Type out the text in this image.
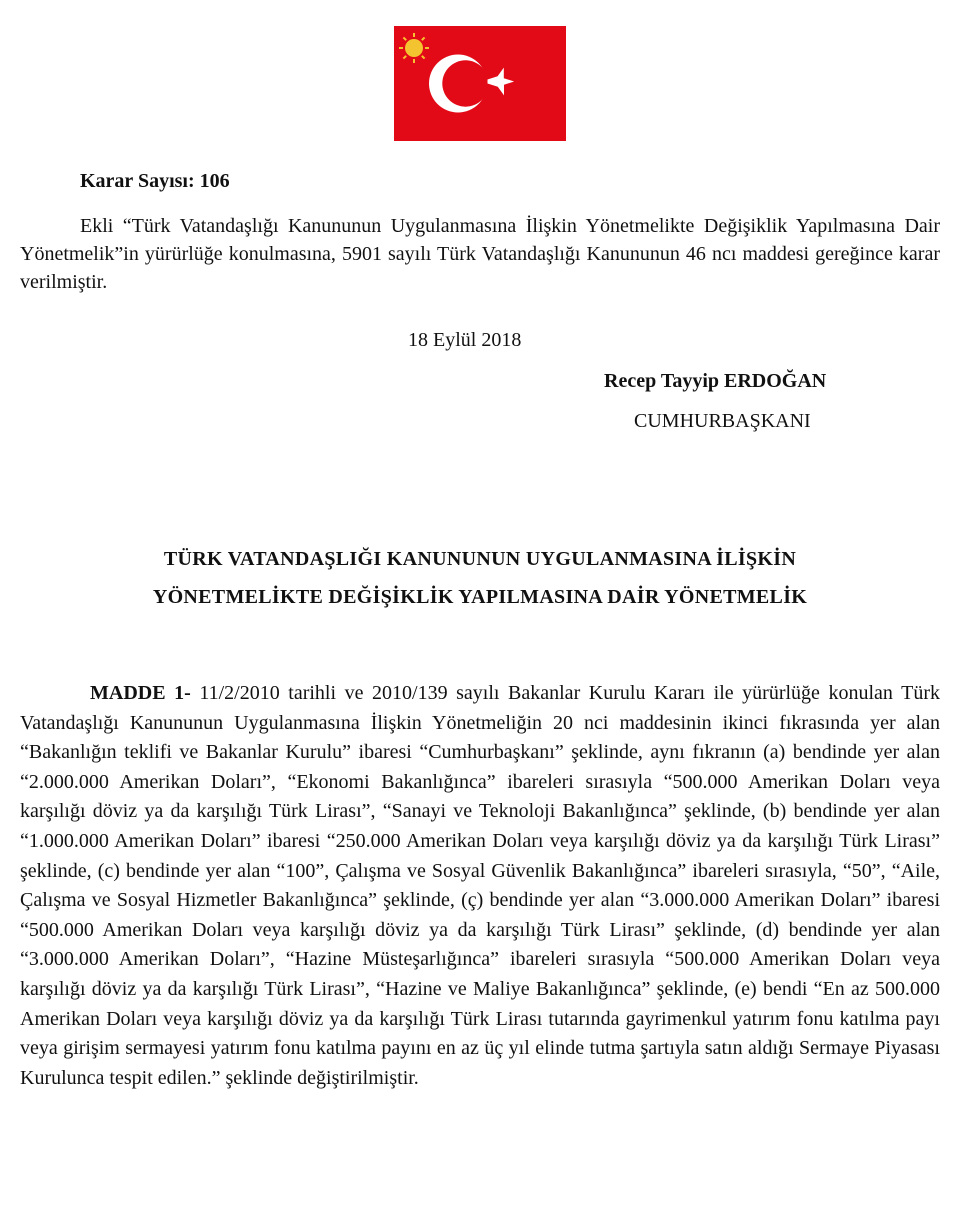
Karar Sayısı: 106

Ekli “Türk Vatandaşlığı Kanununun Uygulanmasına İlişkin Yönetmelikte Değişiklik Yapılmasına Dair Yönetmelik”in yürürlüğe konulmasına, 5901 sayılı Türk Vatandaşlığı Kanununun 46 ncı maddesi gereğince karar verilmiştir.

18 Eylül 2018
Recep Tayyip ERDOĞAN
CUMHURBAŞKANI
TÜRK VATANDAŞLIĞI KANUNUNUN UYGULANMASINA İLİŞKİN
YÖNETMELİKTE DEĞİŞİKLİK YAPILMASINA DAİR YÖNETMELİK

MADDE 1- 11/2/2010 tarihli ve 2010/139 sayılı Bakanlar Kurulu Kararı ile yürürlüğe konulan Türk Vatandaşlığı Kanununun Uygulanmasına İlişkin Yönetmeliğin 20 nci maddesinin ikinci fıkrasında yer alan “Bakanlığın teklifi ve Bakanlar Kurulu” ibaresi “Cumhurbaşkanı” şeklinde, aynı fıkranın (a) bendinde yer alan “2.000.000 Amerikan Doları”, “Ekonomi Bakanlığınca” ibareleri sırasıyla “500.000 Amerikan Doları veya karşılığı döviz ya da karşılığı Türk Lirası”, “Sanayi ve Teknoloji Bakanlığınca” şeklinde, (b) bendinde yer alan “1.000.000 Amerikan Doları” ibaresi “250.000 Amerikan Doları veya karşılığı döviz ya da karşılığı Türk Lirası” şeklinde, (c) bendinde yer alan “100”, Çalışma ve Sosyal Güvenlik Bakanlığınca” ibareleri sırasıyla, “50”, “Aile, Çalışma ve Sosyal Hizmetler Bakanlığınca” şeklinde, (ç) bendinde yer alan “3.000.000 Amerikan Doları” ibaresi “500.000 Amerikan Doları veya karşılığı döviz ya da karşılığı Türk Lirası” şeklinde, (d) bendinde yer alan “3.000.000 Amerikan Doları”, “Hazine Müsteşarlığınca” ibareleri sırasıyla “500.000 Amerikan Doları veya karşılığı döviz ya da karşılığı Türk Lirası”, “Hazine ve Maliye Bakanlığınca” şeklinde, (e) bendi “En az 500.000 Amerikan Doları veya karşılığı döviz ya da karşılığı Türk Lirası tutarında gayrimenkul yatırım fonu katılma payı veya girişim sermayesi yatırım fonu katılma payını en az üç yıl elinde tutma şartıyla satın aldığı Sermaye Piyasası Kurulunca tespit edilen.” şeklinde değiştirilmiştir.
